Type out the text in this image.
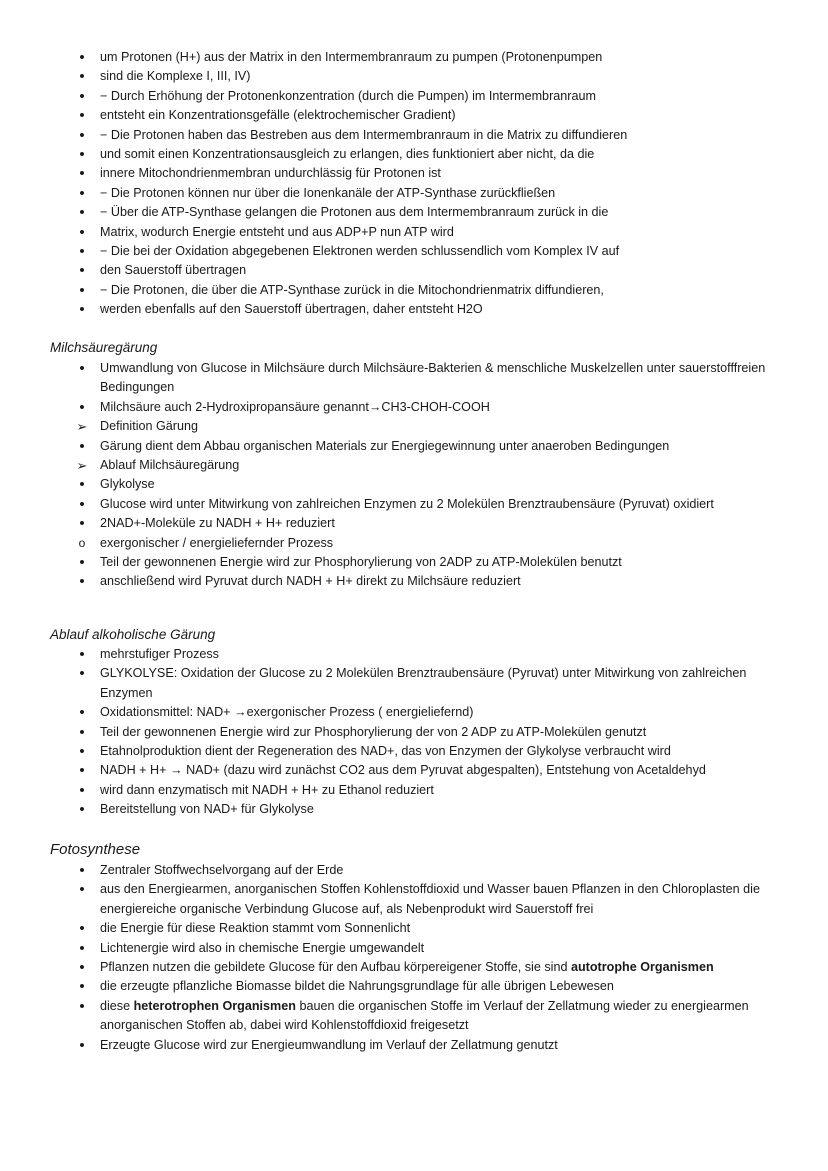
•
um Protonen (H+) aus der Matrix in den Intermembranraum zu pumpen (Protonenpumpen
•
sind die Komplexe I, III, IV)
•
− Durch Erhöhung der Protonenkonzentration (durch die Pumpen) im Intermembranraum
•
entsteht ein Konzentrationsgefälle (elektrochemischer Gradient)
•
− Die Protonen haben das Bestreben aus dem Intermembranraum in die Matrix zu diffundieren
•
und somit einen Konzentrationsausgleich zu erlangen, dies funktioniert aber nicht, da die
•
innere Mitochondrienmembran undurchlässig für Protonen ist
•
− Die Protonen können nur über die Ionenkanäle der ATP-Synthase zurückfließen
•
− Über die ATP-Synthase gelangen die Protonen aus dem Intermembranraum zurück in die
•
Matrix, wodurch Energie entsteht und aus ADP+P nun ATP wird
•
− Die bei der Oxidation abgegebenen Elektronen werden schlussendlich vom Komplex IV auf
•
den Sauerstoff übertragen
•
− Die Protonen, die über die ATP-Synthase zurück in die Mitochondrienmatrix diffundieren,
•
werden ebenfalls auf den Sauerstoff übertragen, daher entsteht H2O
Milchsäuregärung
•
Umwandlung von Glucose in Milchsäure durch Milchsäure-Bakterien & menschliche Muskelzellen unter sauerstofffreien Bedingungen
•
Milchsäure auch 2-Hydroxipropansäure genannt→CH3-CHOH-COOH
➢
Definition Gärung
•
Gärung dient dem Abbau organischen Materials zur Energiegewinnung unter anaeroben Bedingungen
➢
Ablauf Milchsäuregärung
•
Glykolyse
•
Glucose wird unter Mitwirkung von zahlreichen Enzymen zu 2 Molekülen Brenztraubensäure (Pyruvat) oxidiert
•
2NAD+-Moleküle zu NADH + H+ reduziert
o
exergonischer / energieliefernder Prozess
•
Teil der gewonnenen Energie wird zur Phosphorylierung von 2ADP zu ATP-Molekülen benutzt
•
anschließend wird Pyruvat durch NADH + H+ direkt zu Milchsäure reduziert
Ablauf alkoholische Gärung
•
mehrstufiger Prozess
•
GLYKOLYSE: Oxidation der Glucose zu 2 Molekülen Brenztraubensäure (Pyruvat) unter Mitwirkung von zahlreichen Enzymen
•
Oxidationsmittel: NAD+ →exergonischer Prozess ( energieliefernd)
•
Teil der gewonnenen Energie wird zur Phosphorylierung der von 2 ADP zu ATP-Molekülen genutzt
•
Etahnolproduktion dient der Regeneration des NAD+, das von Enzymen der Glykolyse verbraucht wird
•
NADH + H+ → NAD+ (dazu wird zunächst CO2 aus dem Pyruvat abgespalten), Entstehung von Acetaldehyd
•
wird dann enzymatisch mit NADH + H+ zu Ethanol reduziert
•
Bereitstellung von NAD+ für Glykolyse
Fotosynthese
•
Zentraler Stoffwechselvorgang auf der Erde
•
aus den Energiearmen, anorganischen Stoffen Kohlenstoffdioxid und Wasser bauen Pflanzen in den Chloroplasten die energiereiche organische Verbindung Glucose auf, als Nebenprodukt wird Sauerstoff frei
•
die Energie für diese Reaktion stammt vom Sonnenlicht
•
Lichtenergie wird also in chemische Energie umgewandelt
•
Pflanzen nutzen die gebildete Glucose für den Aufbau körpereigener Stoffe, sie sind autotrophe Organismen
•
die erzeugte pflanzliche Biomasse bildet die Nahrungsgrundlage für alle übrigen Lebewesen
•
diese heterotrophen Organismen bauen die organischen Stoffe im Verlauf der Zellatmung wieder zu energiearmen anorganischen Stoffen ab, dabei wird Kohlenstoffdioxid freigesetzt
•
Erzeugte Glucose wird zur Energieumwandlung im Verlauf der Zellatmung genutzt
